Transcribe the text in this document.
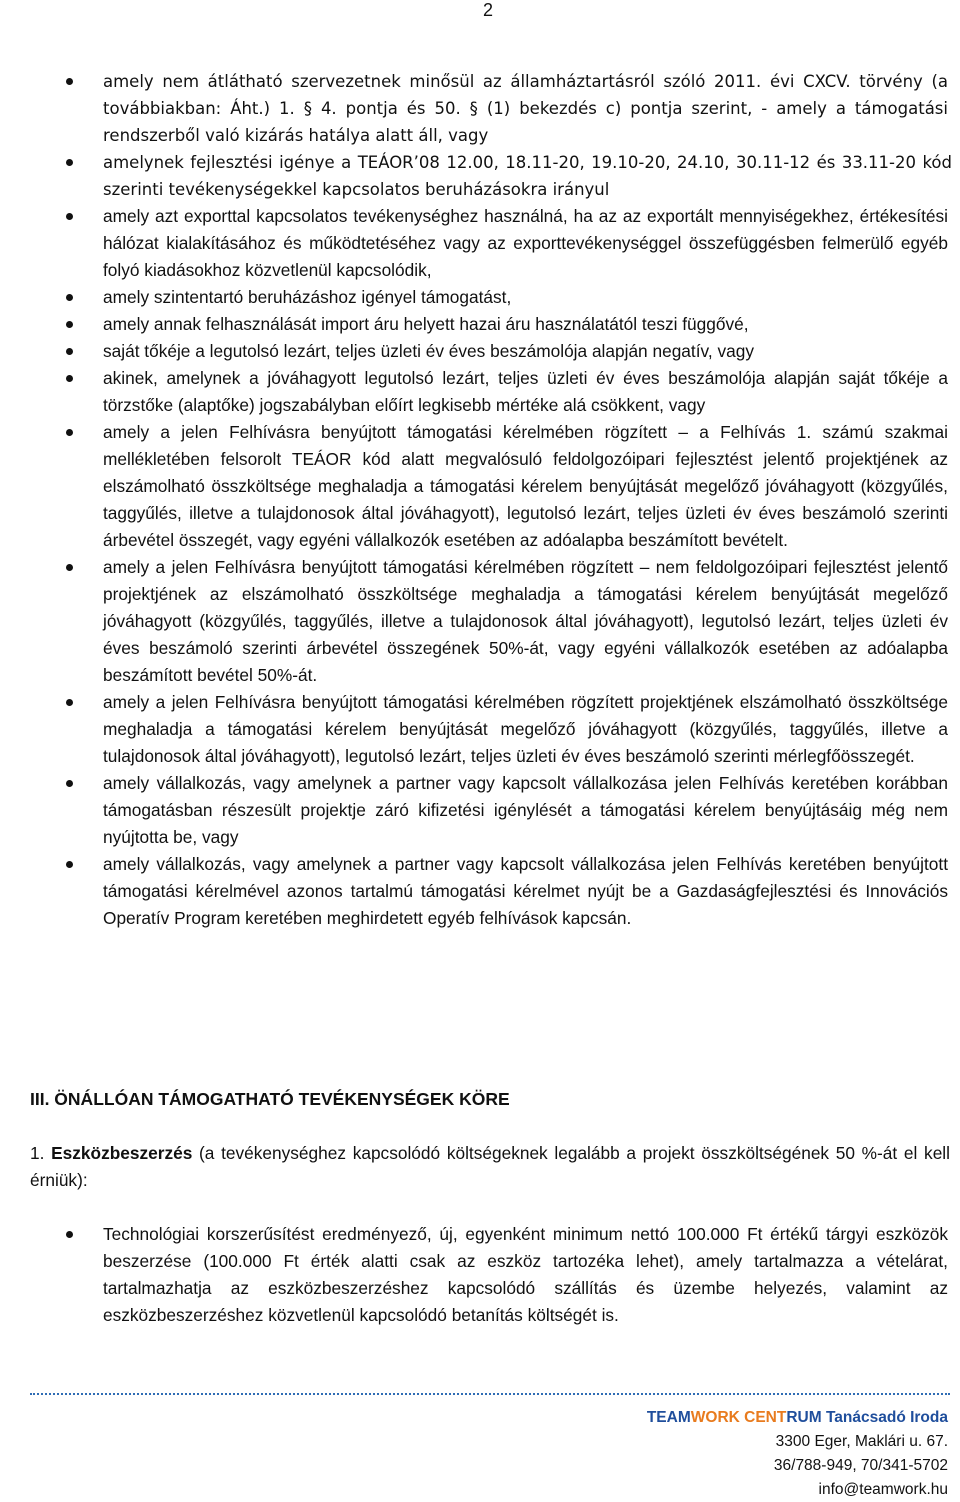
2
amely nem átlátható szervezetnek minősül az államháztartásról szóló 2011. évi CXCV. törvény (a továbbiakban: Áht.) 1. § 4. pontja és 50. § (1) bekezdés c) pontja szerint, - amely a támogatási rendszerből való kizárás hatálya alatt áll, vagy
amelynek fejlesztési igénye a TEÁOR’08 12.00, 18.11-20, 19.10-20, 24.10, 30.11-12 és 33.11-20 kód szerinti tevékenységekkel kapcsolatos beruházásokra irányul
amely azt exporttal kapcsolatos tevékenységhez használná, ha az az exportált mennyiségekhez, értékesítési hálózat kialakításához és működtetéséhez vagy az exporttevékenységgel összefüggésben felmerülő egyéb folyó kiadásokhoz közvetlenül kapcsolódik,
amely szintentartó beruházáshoz igényel támogatást,
amely annak felhasználását import áru helyett hazai áru használatától teszi függővé,
saját tőkéje a legutolsó lezárt, teljes üzleti év éves beszámolója alapján negatív, vagy
akinek, amelynek a jóváhagyott legutolsó lezárt, teljes üzleti év éves beszámolója alapján saját tőkéje a törzstőke (alaptőke) jogszabályban előírt legkisebb mértéke alá csökkent, vagy
amely a jelen Felhívásra benyújtott támogatási kérelmében rögzített – a Felhívás 1. számú szakmai mellékletében felsorolt TEÁOR kód alatt megvalósuló feldolgozóipari fejlesztést jelentő projektjének az elszámolható összköltsége meghaladja a támogatási kérelem benyújtását megelőző jóváhagyott (közgyűlés, taggyűlés, illetve a tulajdonosok által jóváhagyott), legutolsó lezárt, teljes üzleti év éves beszámoló szerinti árbevétel összegét, vagy egyéni vállalkozók esetében az adóalapba beszámított bevételt.
amely a jelen Felhívásra benyújtott támogatási kérelmében rögzített – nem feldolgozóipari fejlesztést jelentő projektjének az elszámolható összköltsége meghaladja a támogatási kérelem benyújtását megelőző jóváhagyott (közgyűlés, taggyűlés, illetve a tulajdonosok által jóváhagyott), legutolsó lezárt, teljes üzleti év éves beszámoló szerinti árbevétel összegének 50%-át, vagy egyéni vállalkozók esetében az adóalapba beszámított bevétel 50%-át.
amely a jelen Felhívásra benyújtott támogatási kérelmében rögzített projektjének elszámolható összköltsége meghaladja a támogatási kérelem benyújtását megelőző jóváhagyott (közgyűlés, taggyűlés, illetve a tulajdonosok által jóváhagyott), legutolsó lezárt, teljes üzleti év éves beszámoló szerinti mérlegfőösszegét.
amely vállalkozás, vagy amelynek a partner vagy kapcsolt vállalkozása jelen Felhívás keretében korábban támogatásban részesült projektje záró kifizetési igénylését a támogatási kérelem benyújtásáig még nem nyújtotta be, vagy
amely vállalkozás, vagy amelynek a partner vagy kapcsolt vállalkozása jelen Felhívás keretében benyújtott támogatási kérelmével azonos tartalmú támogatási kérelmet nyújt be a Gazdaságfejlesztési és Innovációs Operatív Program keretében meghirdetett egyéb felhívások kapcsán.
III. ÖNÁLLÓAN TÁMOGATHATÓ TEVÉKENYSÉGEK KÖRE

1. Eszközbeszerzés (a tevékenységhez kapcsolódó költségeknek legalább a projekt összköltségének 50 %-át el kell érniük):

Technológiai korszerűsítést eredményező, új, egyenként minimum nettó 100.000 Ft értékű tárgyi eszközök beszerzése (100.000 Ft érték alatti csak az eszköz tartozéka lehet), amely tartalmazza a vételárat, tartalmazhatja az eszközbeszerzéshez kapcsolódó szállítás és üzembe helyezés, valamint az eszközbeszerzéshez közvetlenül kapcsolódó betanítás költségét is.
TEAMWORK CENTRUM Tanácsadó Iroda
3300 Eger, Maklári u. 67.
36/788-949, 70/341-5702
info@teamwork.hu
